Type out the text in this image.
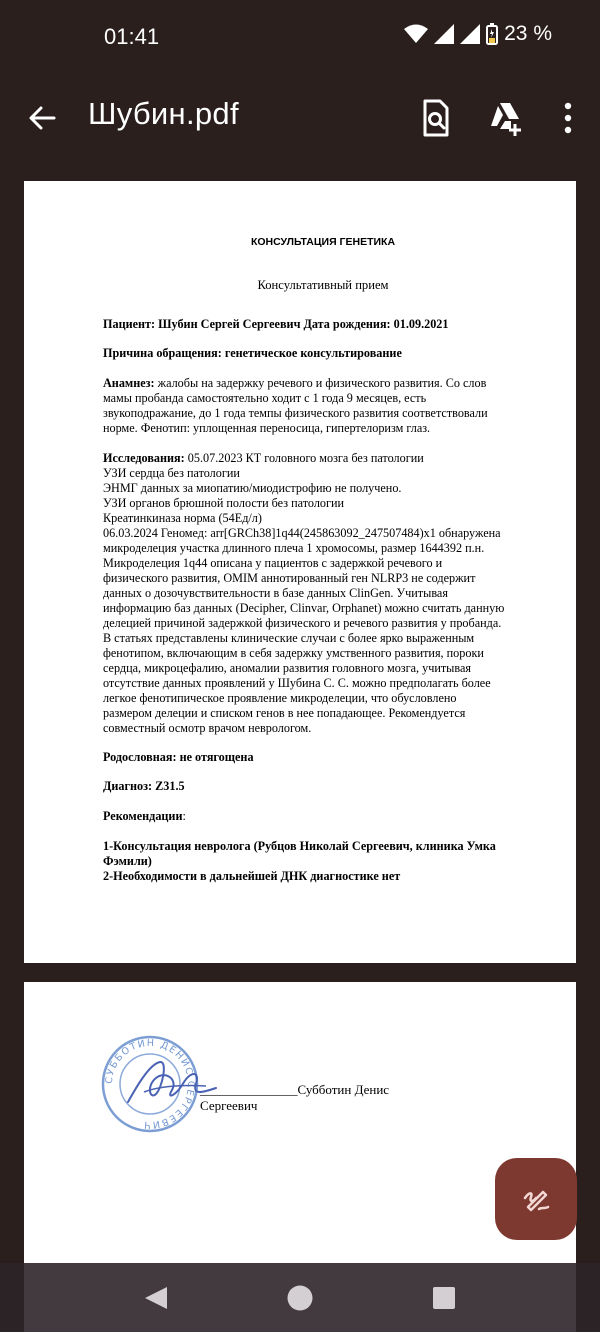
01:41	23 %
Шубин.pdf
КОНСУЛЬТАЦИЯ ГЕНЕТИКА
Консультативный прием
Пациент: Шубин Сергей Сергеевич Дата рождения: 01.09.2021
Причина обращения: генетическое консультирование
Анамнез: жалобы на задержку речевого и физического развития. Со слов
мамы пробанда самостоятельно ходит с 1 года 9 месяцев, есть
звукоподражание, до 1 года темпы физического развития соответствовали
норме. Фенотип: уплощенная переносица, гипертелоризм глаз.
Исследования: 05.07.2023 КТ головного мозга без патологии
УЗИ сердца без патологии
ЭНМГ данных за миопатию/миодистрофию не получено.
УЗИ органов брюшной полости без патологии
Креатинкиназа норма (54Ед/л)
06.03.2024 Геномед: arr[GRCh38]1q44(245863092_247507484)x1 обнаружена
микроделеция участка длинного плеча 1 хромосомы, размер 1644392 п.н.
Микроделеция 1q44 описана у пациентов с задержкой речевого и
физического развития, OMIM аннотированный ген NLRP3 не содержит
данных о дозочувствительности в базе данных ClinGen. Учитывая
информацию баз данных (Decipher, Clinvar, Orphanet) можно считать данную
делецией причиной задержкой физического и речевого развития у пробанда.
В статьях представлены клинические случаи с более ярко выраженным
фенотипом, включающим в себя задержку умственного развития, пороки
сердца, микроцефалию, аномалии развития головного мозга, учитывая
отсутствие данных проявлений у Шубина С. С. можно предполагать более
легкое фенотипическое проявление микроделеции, что обусловлено
размером делеции и списком генов в нее попадающее. Рекомендуется
совместный осмотр врачом неврологом.
Родословная: не отягощена
Диагноз: Z31.5
Рекомендации:
1-Консультация невролога (Рубцов Николай Сергеевич, клиника Умка
Фэмили)
2-Необходимости в дальнейшей ДНК диагностике нет
СУББОТИН ДЕНИС СЕРГЕЕВИЧ
_______________Субботин Денис Сергеевич
